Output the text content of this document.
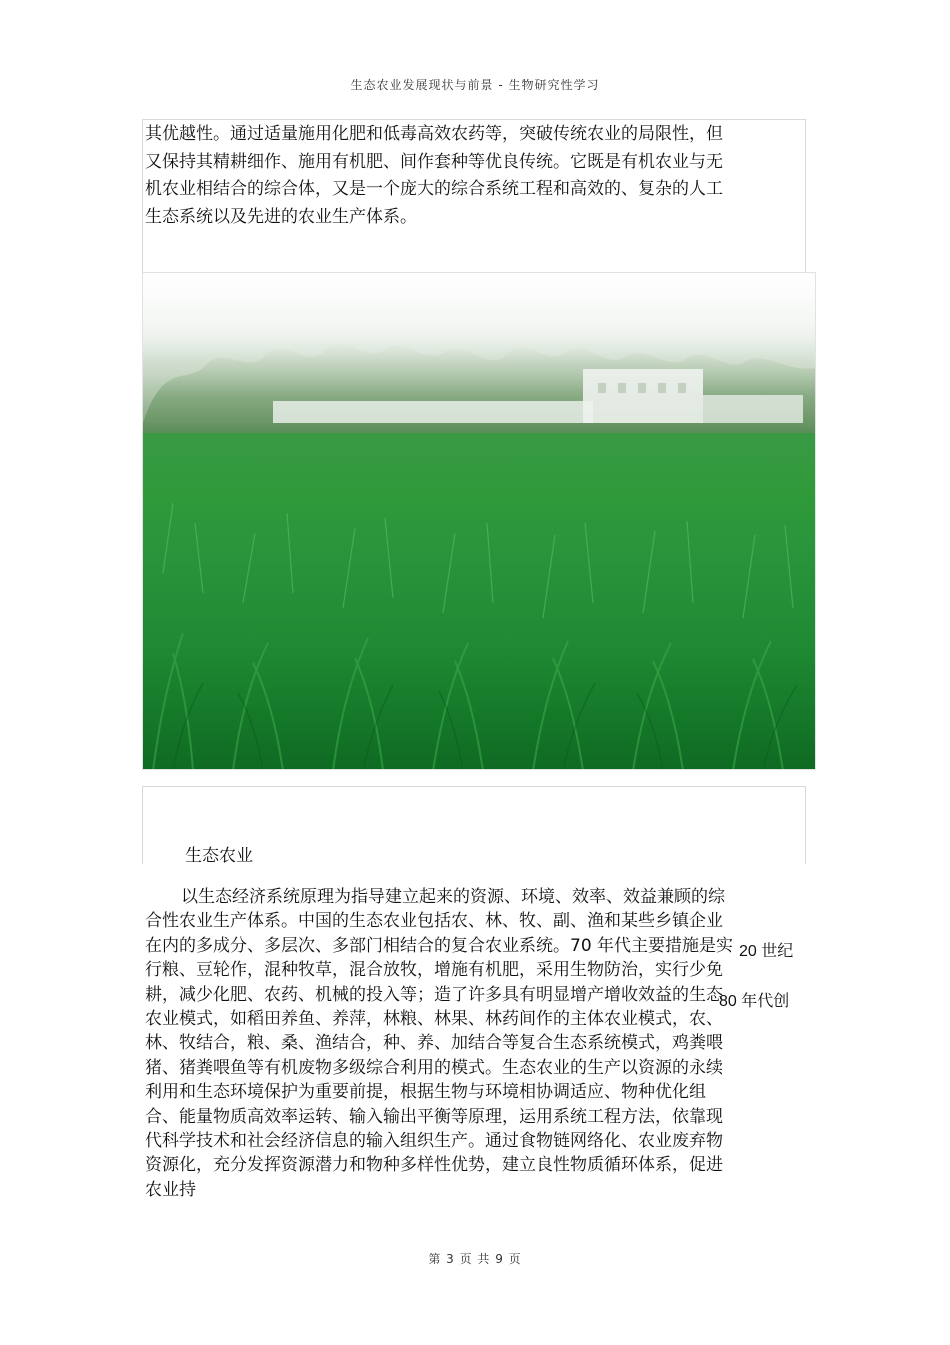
生态农业发展现状与前景 - 生物研究性学习
其优越性。通过适量施用化肥和低毒高效农药等，突破传统农业的局限性，但又保持其精耕细作、施用有机肥、间作套种等优良传统。它既是有机农业与无机农业相结合的综合体，又是一个庞大的综合系统工程和高效的、复杂的人工生态系统以及先进的农业生产体系。
生态农业
以生态经济系统原理为指导建立起来的资源、环境、效率、效益兼顾的综合性农业生产体系。中国的生态农业包括农、林、牧、副、渔和某些乡镇企业在内的多成分、多层次、多部门相结合的复合农业系统。70 年代主要措施是实行粮、豆轮作，混种牧草，混合放牧，增施有机肥，采用生物防治，实行少免耕，减少化肥、农药、机械的投入等；造了许多具有明显增产增收效益的生态农业模式，如稻田养鱼、养萍，林粮、林果、林药间作的主体农业模式，农、林、牧结合，粮、桑、渔结合，种、养、加结合等复合生态系统模式，鸡粪喂猪、猪粪喂鱼等有机废物多级综合利用的模式。生态农业的生产以资源的永续利用和生态环境保护为重要前提，根据生物与环境相协调适应、物种优化组合、能量物质高效率运转、输入输出平衡等原理，运用系统工程方法，依靠现代科学技术和社会经济信息的输入组织生产。通过食物链网络化、农业废弃物资源化，充分发挥资源潜力和物种多样性优势，建立良性物质循环体系，促进农业持
20 世纪
80 年代创
第 3 页 共 9 页
